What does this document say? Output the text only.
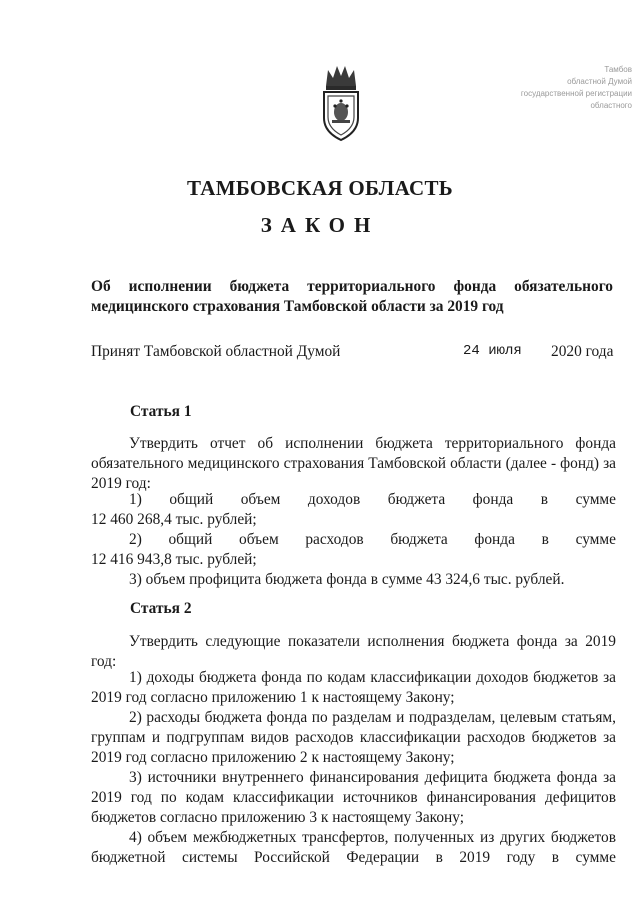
Тамбов
областной Думой
государственной регистрации областного
ТАМБОВСКАЯ ОБЛАСТЬ
ЗАКОН
Об исполнении бюджета территориального фонда обязательного медицинского страхования Тамбовской области за 2019 год
Принят Тамбовской областной Думой	24 июля 2020 года
Статья 1

Утвердить отчет об исполнении бюджета территориального фонда обязательного медицинского страхования Тамбовской области (далее - фонд) за 2019 год:

1) общий объем доходов бюджета фонда в сумме

12 460 268,4 тыс. рублей;

2) общий объем расходов бюджета фонда в сумме

12 416 943,8 тыс. рублей;

3) объем профицита бюджета фонда в сумме 43 324,6 тыс. рублей.

Статья 2

Утвердить следующие показатели исполнения бюджета фонда за 2019 год:

1) доходы бюджета фонда по кодам классификации доходов бюджетов за 2019 год согласно приложению 1 к настоящему Закону;

2) расходы бюджета фонда по разделам и подразделам, целевым статьям, группам и подгруппам видов расходов классификации расходов бюджетов за 2019 год согласно приложению 2 к настоящему Закону;

3) источники внутреннего финансирования дефицита бюджета фонда за 2019 год по кодам классификации источников финансирования дефицитов бюджетов согласно приложению 3 к настоящему Закону;

4) объем межбюджетных трансфертов, полученных из других бюджетов бюджетной системы Российской Федерации в 2019 году в сумме
